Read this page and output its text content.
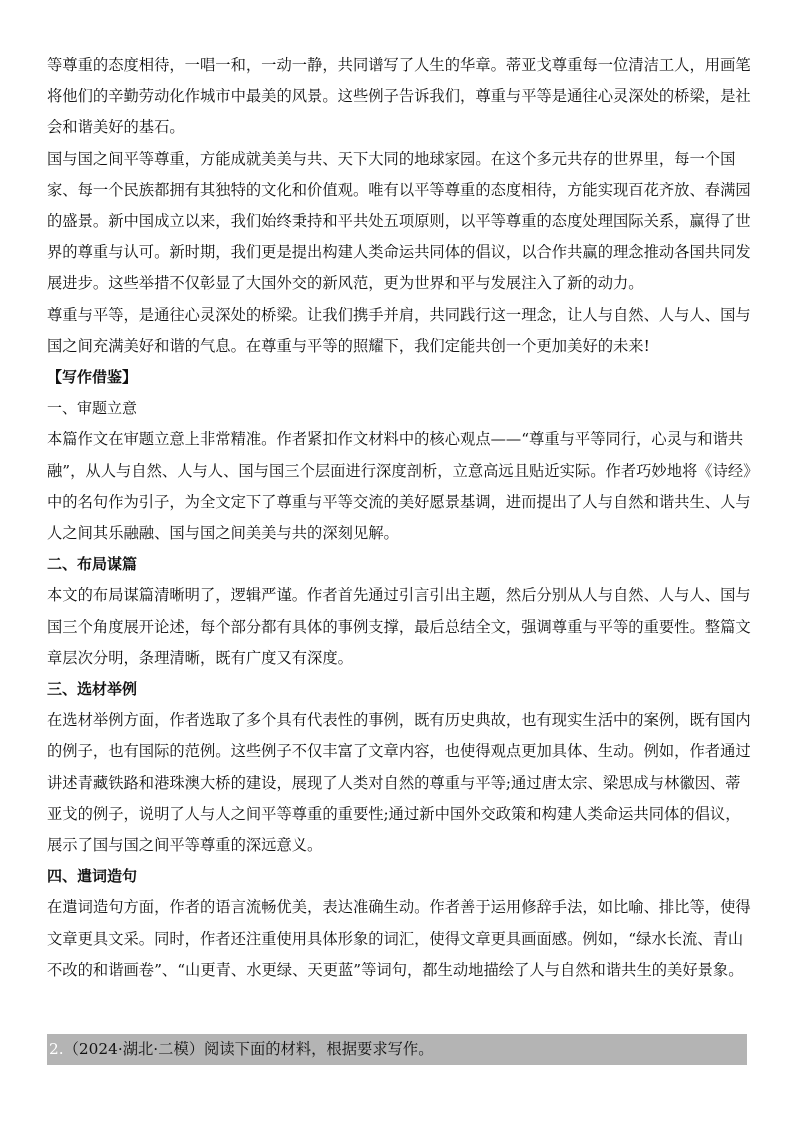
等尊重的态度相待，一唱一和，一动一静，共同谱写了人生的华章。蒂亚戈尊重每一位清洁工人，用画笔将他们的辛勤劳动化作城市中最美的风景。这些例子告诉我们，尊重与平等是通往心灵深处的桥梁，是社会和谐美好的基石。

国与国之间平等尊重，方能成就美美与共、天下大同的地球家园。在这个多元共存的世界里，每一个国家、每一个民族都拥有其独特的文化和价值观。唯有以平等尊重的态度相待，方能实现百花齐放、春满园的盛景。新中国成立以来，我们始终秉持和平共处五项原则，以平等尊重的态度处理国际关系，赢得了世界的尊重与认可。新时期，我们更是提出构建人类命运共同体的倡议，以合作共赢的理念推动各国共同发展进步。这些举措不仅彰显了大国外交的新风范，更为世界和平与发展注入了新的动力。

尊重与平等，是通往心灵深处的桥梁。让我们携手并肩，共同践行这一理念，让人与自然、人与人、国与国之间充满美好和谐的气息。在尊重与平等的照耀下，我们定能共创一个更加美好的未来!

【写作借鉴】

一、审题立意

本篇作文在审题立意上非常精准。作者紧扣作文材料中的核心观点——“尊重与平等同行，心灵与和谐共融”，从人与自然、人与人、国与国三个层面进行深度剖析，立意高远且贴近实际。作者巧妙地将《诗经》中的名句作为引子，为全文定下了尊重与平等交流的美好愿景基调，进而提出了人与自然和谐共生、人与人之间其乐融融、国与国之间美美与共的深刻见解。

二、布局谋篇

本文的布局谋篇清晰明了，逻辑严谨。作者首先通过引言引出主题，然后分别从人与自然、人与人、国与国三个角度展开论述，每个部分都有具体的事例支撑，最后总结全文，强调尊重与平等的重要性。整篇文章层次分明，条理清晰，既有广度又有深度。

三、选材举例

在选材举例方面，作者选取了多个具有代表性的事例，既有历史典故，也有现实生活中的案例，既有国内的例子，也有国际的范例。这些例子不仅丰富了文章内容，也使得观点更加具体、生动。例如，作者通过讲述青藏铁路和港珠澳大桥的建设，展现了人类对自然的尊重与平等;通过唐太宗、梁思成与林徽因、蒂亚戈的例子，说明了人与人之间平等尊重的重要性;通过新中国外交政策和构建人类命运共同体的倡议，展示了国与国之间平等尊重的深远意义。

四、遣词造句

在遣词造句方面，作者的语言流畅优美，表达准确生动。作者善于运用修辞手法，如比喻、排比等，使得文章更具文采。同时，作者还注重使用具体形象的词汇，使得文章更具画面感。例如，“绿水长流、青山不改的和谐画卷”、“山更青、水更绿、天更蓝”等词句，都生动地描绘了人与自然和谐共生的美好景象。

2.（2024·湖北·二模）阅读下面的材料，根据要求写作。
